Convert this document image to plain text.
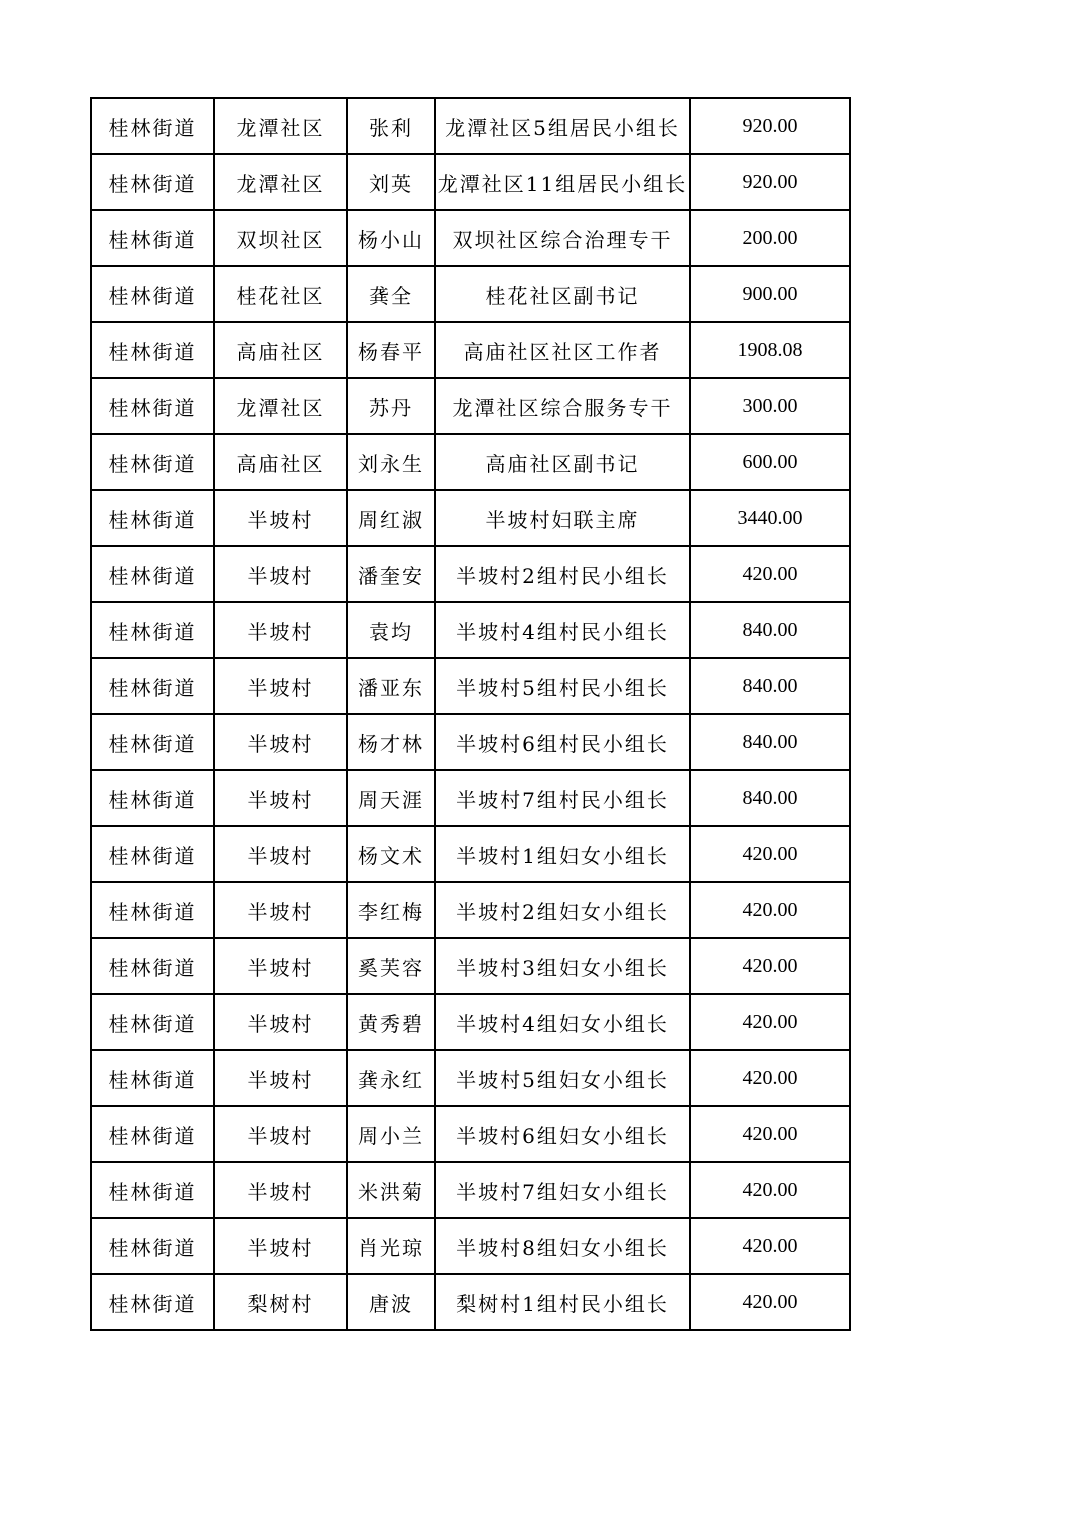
桂林街道	龙潭社区	张利	龙潭社区5组居民小组长	920.00
桂林街道	龙潭社区	刘英	龙潭社区11组居民小组长	920.00
桂林街道	双坝社区	杨小山	双坝社区综合治理专干	200.00
桂林街道	桂花社区	龚全	桂花社区副书记	900.00
桂林街道	高庙社区	杨春平	高庙社区社区工作者	1908.08
桂林街道	龙潭社区	苏丹	龙潭社区综合服务专干	300.00
桂林街道	高庙社区	刘永生	高庙社区副书记	600.00
桂林街道	半坡村	周红淑	半坡村妇联主席	3440.00
桂林街道	半坡村	潘奎安	半坡村2组村民小组长	420.00
桂林街道	半坡村	袁均	半坡村4组村民小组长	840.00
桂林街道	半坡村	潘亚东	半坡村5组村民小组长	840.00
桂林街道	半坡村	杨才林	半坡村6组村民小组长	840.00
桂林街道	半坡村	周天涯	半坡村7组村民小组长	840.00
桂林街道	半坡村	杨文术	半坡村1组妇女小组长	420.00
桂林街道	半坡村	李红梅	半坡村2组妇女小组长	420.00
桂林街道	半坡村	奚芙容	半坡村3组妇女小组长	420.00
桂林街道	半坡村	黄秀碧	半坡村4组妇女小组长	420.00
桂林街道	半坡村	龚永红	半坡村5组妇女小组长	420.00
桂林街道	半坡村	周小兰	半坡村6组妇女小组长	420.00
桂林街道	半坡村	米洪菊	半坡村7组妇女小组长	420.00
桂林街道	半坡村	肖光琼	半坡村8组妇女小组长	420.00
桂林街道	梨树村	唐波	梨树村1组村民小组长	420.00
